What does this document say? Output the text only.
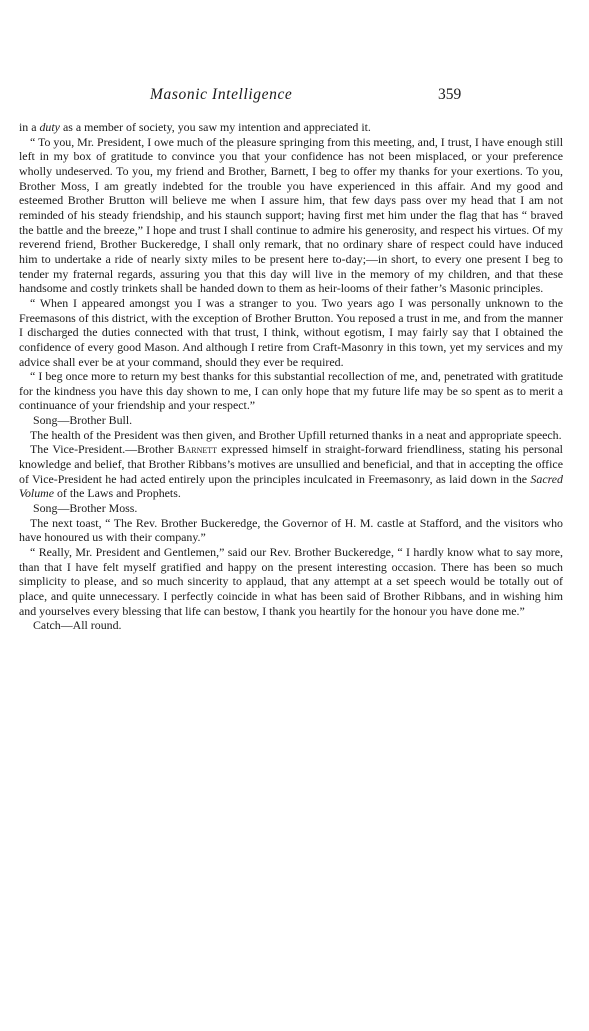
Masonic Intelligence	359

in a duty as a member of society, you saw my intention and appreciated it.

“ To you, Mr. President, I owe much of the pleasure springing from this meeting, and, I trust, I have enough still left in my box of gratitude to convince you that your confidence has not been misplaced, or your preference wholly undeserved. To you, my friend and Brother, Barnett, I beg to offer my thanks for your exertions. To you, Brother Moss, I am greatly indebted for the trouble you have experienced in this affair. And my good and esteemed Brother Brutton will believe me when I assure him, that few days pass over my head that I am not reminded of his steady friendship, and his staunch support; having first met him under the flag that has “ braved the battle and the breeze,” I hope and trust I shall continue to admire his generosity, and respect his virtues. Of my reverend friend, Brother Buckeredge, I shall only remark, that no ordinary share of respect could have induced him to undertake a ride of nearly sixty miles to be present here to-day;—in short, to every one present I beg to tender my fraternal regards, assuring you that this day will live in the memory of my children, and that these handsome and costly trinkets shall be handed down to them as heir-looms of their father’s Masonic principles.

“ When I appeared amongst you I was a stranger to you. Two years ago I was personally unknown to the Freemasons of this district, with the exception of Brother Brutton. You reposed a trust in me, and from the manner I discharged the duties connected with that trust, I think, without egotism, I may fairly say that I obtained the confidence of every good Mason. And although I retire from Craft-Masonry in this town, yet my services and my advice shall ever be at your command, should they ever be required.

“ I beg once more to return my best thanks for this substantial recollection of me, and, penetrated with gratitude for the kindness you have this day shown to me, I can only hope that my future life may be so spent as to merit a continuance of your friendship and your respect.”

Song—Brother Bull.

The health of the President was then given, and Brother Upfill returned thanks in a neat and appropriate speech.

The Vice-President.—Brother Barnett expressed himself in straight-forward friendliness, stating his personal knowledge and belief, that Brother Ribbans’s motives are unsullied and beneficial, and that in accepting the office of Vice-President he had acted entirely upon the principles inculcated in Freemasonry, as laid down in the Sacred Volume of the Laws and Prophets.

Song—Brother Moss.

The next toast, “ The Rev. Brother Buckeredge, the Governor of H. M. castle at Stafford, and the visitors who have honoured us with their company.”

“ Really, Mr. President and Gentlemen,” said our Rev. Brother Buckeredge, “ I hardly know what to say more, than that I have felt myself gratified and happy on the present interesting occasion. There has been so much simplicity to please, and so much sincerity to applaud, that any attempt at a set speech would be totally out of place, and quite unnecessary. I perfectly coincide in what has been said of Brother Ribbans, and in wishing him and yourselves every blessing that life can bestow, I thank you heartily for the honour you have done me.”

Catch—All round.
